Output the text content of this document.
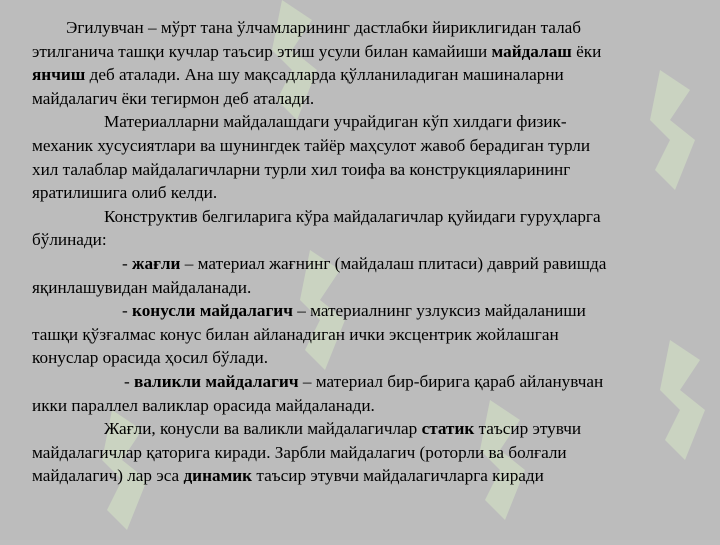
Эгилувчан – мўрт тана ўлчамларининг дастлабки йириклигидан талаб
этилганича ташқи кучлар таъсир этиш усули билан камайиши майдалаш ёки
янчиш деб аталади. Ана шу мақсадларда қўлланиладиган машиналарни
майдалагич ёки тегирмон деб аталади.
Материалларни майдалашдаги учрайдиган кўп хилдаги физик-
механик хусусиятлари ва шунингдек тайёр маҳсулот жавоб берадиган турли
хил талаблар майдалагичларни турли хил тоифа ва конструкцияларининг
яратилишига олиб келди.
Конструктив белгиларига кўра майдалагичлар қуйидаги гуруҳларга
бўлинади:
- жағли – материал жағнинг (майдалаш плитаси) даврий равишда
яқинлашувидан майдаланади.
- конусли майдалагич – материалнинг узлуксиз майдаланиши
ташқи қўзғалмас конус билан айланадиган ички эксцентрик жойлашган
конуслар орасида ҳосил бўлади.
- валикли майдалагич – материал бир-бирига қараб айланувчан
икки параллел валиклар орасида майдаланади.
Жағли, конусли ва валикли майдалагичлар статик таъсир этувчи
майдалагичлар қаторига киради. Зарбли майдалагич (роторли ва болғали
майдалагич) лар эса динамик таъсир этувчи майдалагичларга киради
